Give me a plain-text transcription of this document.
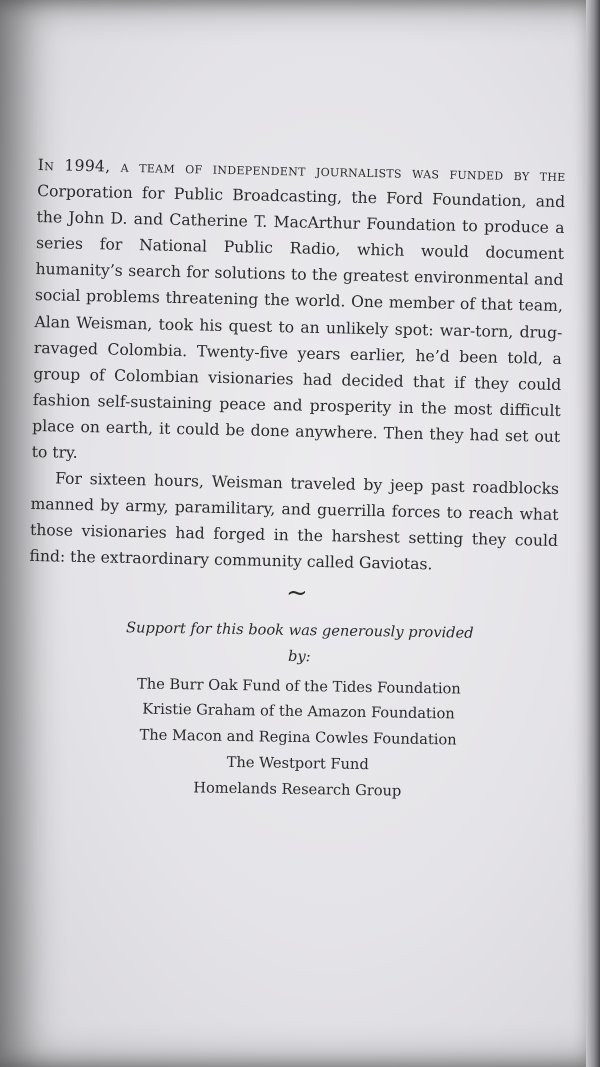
In 1994, a team of independent journalists was funded by the Corporation for Public Broadcasting, the Ford Foundation, and the John D. and Catherine T. MacArthur Foundation to produce a series for National Public Radio, which would document humanity’s search for solutions to the greatest environmental and social problems threatening the world. One member of that team, Alan Weisman, took his quest to an unlikely spot: war-torn, drug-ravaged Colombia. Twenty-five years earlier, he’d been told, a group of Colombian visionaries had decided that if they could fashion self-sustaining peace and prosperity in the most difficult place on earth, it could be done anywhere. Then they had set out to try.

For sixteen hours, Weisman traveled by jeep past roadblocks manned by army, paramilitary, and guerrilla forces to reach what those visionaries had forged in the harshest setting they could find: the extraordinary community called Gaviotas.

~
Support for this book was generously provided by:
The Burr Oak Fund of the Tides Foundation
Kristie Graham of the Amazon Foundation
The Macon and Regina Cowles Foundation
The Westport Fund
Homelands Research Group
